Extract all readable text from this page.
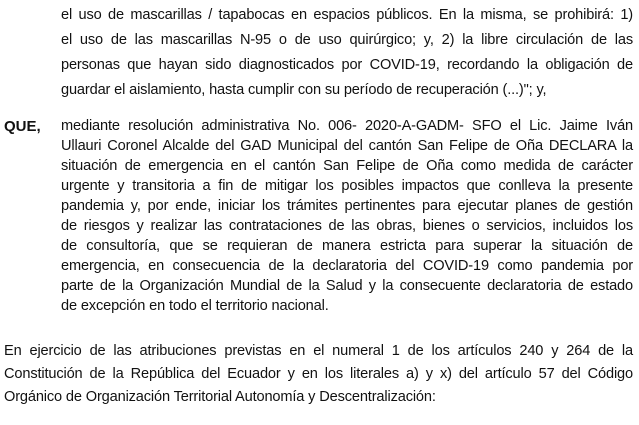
el uso de mascarillas / tapabocas en espacios públicos. En la misma, se prohibirá: 1)
el uso de las mascarillas N-95 o de uso quirúrgico; y, 2) la libre circulación de las
personas que hayan sido diagnosticados por COVID-19, recordando la obligación de
guardar el aislamiento, hasta cumplir con su período de recuperación (...)"; y,
QUE, mediante resolución administrativa No. 006- 2020-A-GADM- SFO el Lic. Jaime Iván
Ullauri Coronel Alcalde del GAD Municipal del cantón San Felipe de Oña DECLARA la
situación de emergencia en el cantón San Felipe de Oña como medida de carácter
urgente y transitoria a fin de mitigar los posibles impactos que conlleva la presente
pandemia y, por ende, iniciar los trámites pertinentes para ejecutar planes de gestión
de riesgos y realizar las contrataciones de las obras, bienes o servicios, incluidos los
de consultoría, que se requieran de manera estricta para superar la situación de
emergencia, en consecuencia de la declaratoria del COVID-19 como pandemia por
parte de la Organización Mundial de la Salud y la consecuente declaratoria de estado
de excepción en todo el territorio nacional.
En ejercicio de las atribuciones previstas en el numeral 1 de los artículos 240 y 264 de la
Constitución de la República del Ecuador y en los literales a) y x) del artículo 57 del Código
Orgánico de Organización Territorial Autonomía y Descentralización:
